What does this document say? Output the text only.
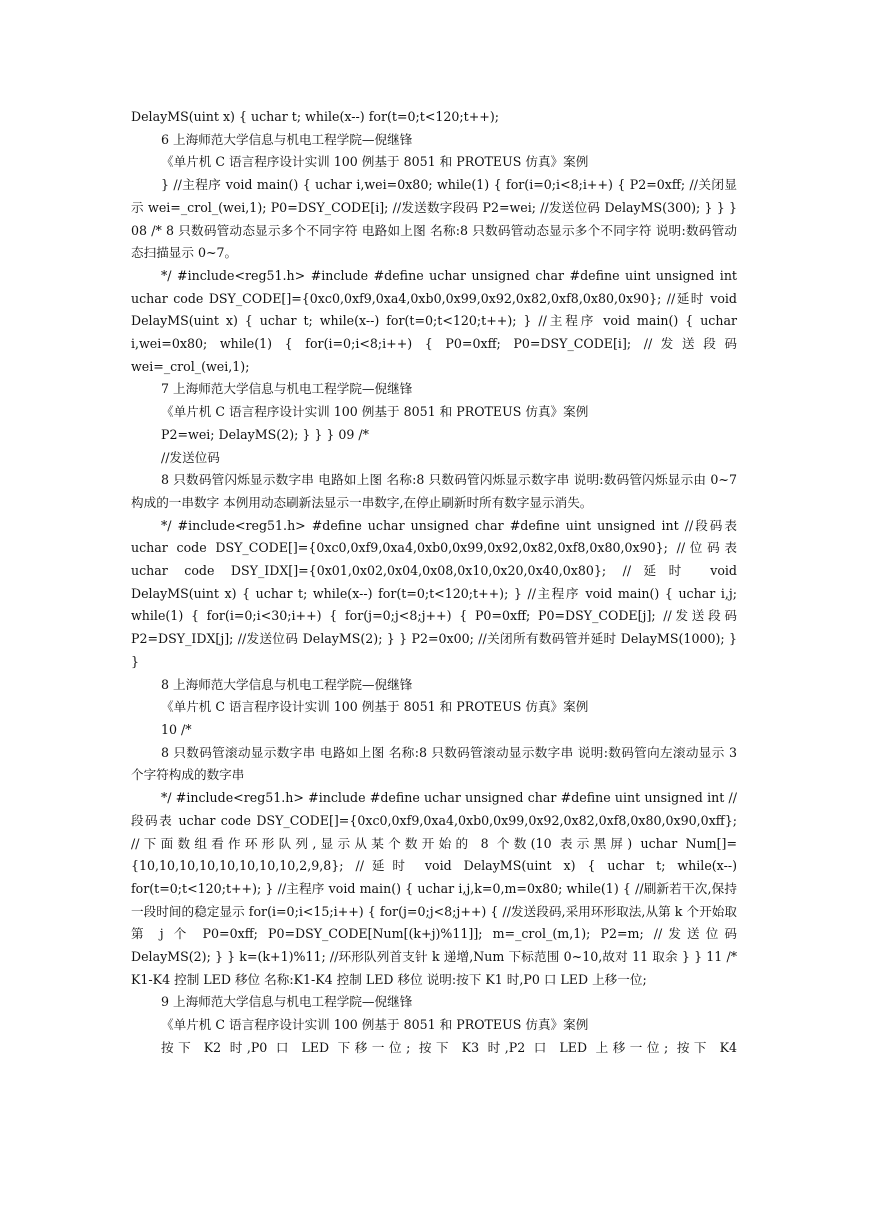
DelayMS(uint x) { uchar t; while(x--) for(t=0;t<120;t++);

6 上海师范大学信息与机电工程学院—倪继锋

《单片机 C 语言程序设计实训 100 例基于 8051 和 PROTEUS 仿真》案例

} //主程序 void main() { uchar i,wei=0x80; while(1) { for(i=0;i<8;i++) { P2=0xff; //关闭显示 wei=_crol_(wei,1); P0=DSY_CODE[i]; //发送数字段码 P2=wei; //发送位码 DelayMS(300); } } } 08 /* 8 只数码管动态显示多个不同字符 电路如上图 名称:8 只数码管动态显示多个不同字符 说明:数码管动态扫描显示 0~7。

*/ #include<reg51.h> #include #define uchar unsigned char #define uint unsigned int uchar code DSY_CODE[]={0xc0,0xf9,0xa4,0xb0,0x99,0x92,0x82,0xf8,0x80,0x90}; //延时 void DelayMS(uint x) { uchar t; while(x--) for(t=0;t<120;t++); } //主程序 void main() { uchar i,wei=0x80; while(1) { for(i=0;i<8;i++) { P0=0xff; P0=DSY_CODE[i]; //发送段码 wei=_crol_(wei,1);

7 上海师范大学信息与机电工程学院—倪继锋

《单片机 C 语言程序设计实训 100 例基于 8051 和 PROTEUS 仿真》案例

P2=wei; DelayMS(2); } } } 09 /*

//发送位码

8 只数码管闪烁显示数字串 电路如上图 名称:8 只数码管闪烁显示数字串 说明:数码管闪烁显示由 0~7 构成的一串数字 本例用动态刷新法显示一串数字,在停止刷新时所有数字显示消失。

*/ #include<reg51.h> #define uchar unsigned char #define uint unsigned int //段码表 uchar code DSY_CODE[]={0xc0,0xf9,0xa4,0xb0,0x99,0x92,0x82,0xf8,0x80,0x90}; //位码表 uchar code DSY_IDX[]={0x01,0x02,0x04,0x08,0x10,0x20,0x40,0x80}; //延时 void DelayMS(uint x) { uchar t; while(x--) for(t=0;t<120;t++); } //主程序 void main() { uchar i,j; while(1) { for(i=0;i<30;i++) { for(j=0;j<8;j++) { P0=0xff; P0=DSY_CODE[j]; //发送段码 P2=DSY_IDX[j]; //发送位码 DelayMS(2); } } P2=0x00; //关闭所有数码管并延时 DelayMS(1000); } }

8 上海师范大学信息与机电工程学院—倪继锋

《单片机 C 语言程序设计实训 100 例基于 8051 和 PROTEUS 仿真》案例

10 /*

8 只数码管滚动显示数字串 电路如上图 名称:8 只数码管滚动显示数字串 说明:数码管向左滚动显示 3 个字符构成的数字串

*/ #include<reg51.h> #include #define uchar unsigned char #define uint unsigned int //段码表 uchar code DSY_CODE[]={0xc0,0xf9,0xa4,0xb0,0x99,0x92,0x82,0xf8,0x80,0x90,0xff}; //下面数组看作环形队列,显示从某个数开始的 8 个数(10 表示黑屏) uchar Num[]={10,10,10,10,10,10,10,10,2,9,8}; //延时 void DelayMS(uint x) { uchar t; while(x--) for(t=0;t<120;t++); } //主程序 void main() { uchar i,j,k=0,m=0x80; while(1) { //刷新若干次,保持一段时间的稳定显示 for(i=0;i<15;i++) { for(j=0;j<8;j++) { //发送段码,采用环形取法,从第 k 个开始取第 j 个 P0=0xff; P0=DSY_CODE[Num[(k+j)%11]]; m=_crol_(m,1); P2=m; //发送位码 DelayMS(2); } } k=(k+1)%11; //环形队列首支针 k 递增,Num 下标范围 0~10,故对 11 取余 } } 11 /* K1-K4 控制 LED 移位 名称:K1-K4 控制 LED 移位 说明:按下 K1 时,P0 口 LED 上移一位;

9 上海师范大学信息与机电工程学院—倪继锋

《单片机 C 语言程序设计实训 100 例基于 8051 和 PROTEUS 仿真》案例

按下 K2 时,P0 口 LED 下移一位; 按下 K3 时,P2 口 LED 上移一位; 按下 K4
